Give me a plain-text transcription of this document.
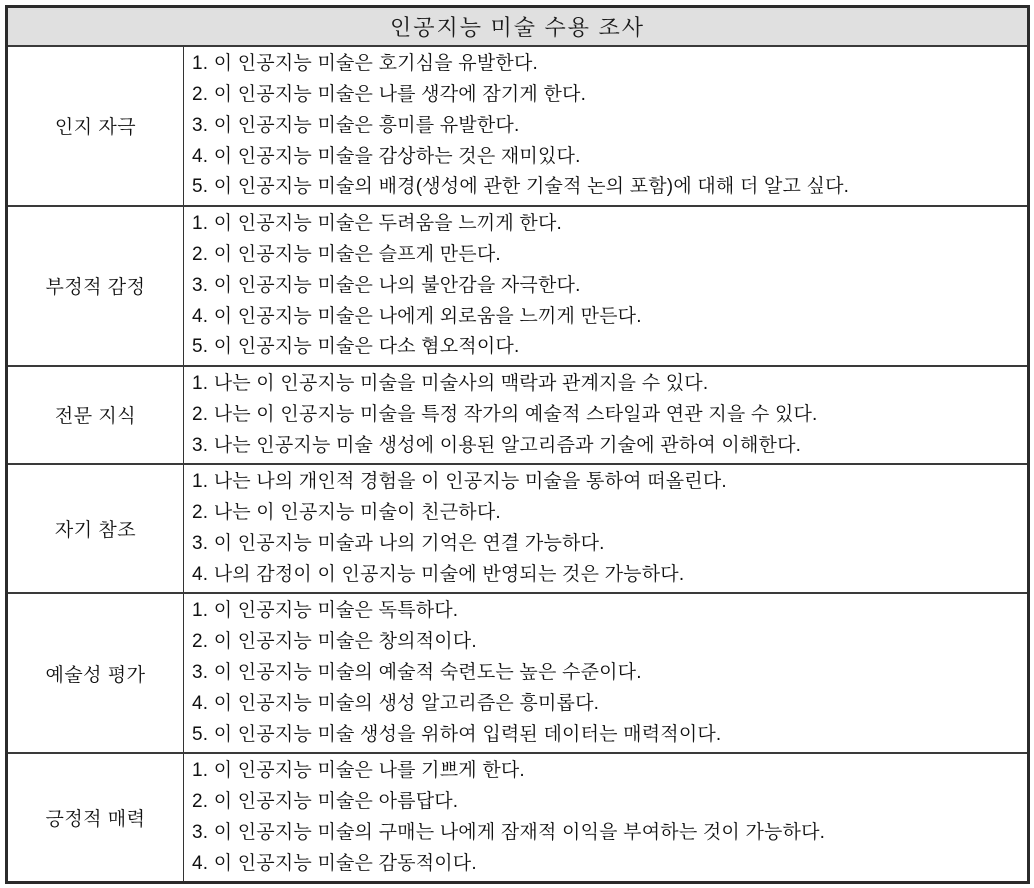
인공지능 미술 수용 조사
인지 자극
1. 이 인공지능 미술은 호기심을 유발한다.
2. 이 인공지능 미술은 나를 생각에 잠기게 한다.
3. 이 인공지능 미술은 흥미를 유발한다.
4. 이 인공지능 미술을 감상하는 것은 재미있다.
5. 이 인공지능 미술의 배경(생성에 관한 기술적 논의 포함)에 대해 더 알고 싶다.
부정적 감정
1. 이 인공지능 미술은 두려움을 느끼게 한다.
2. 이 인공지능 미술은 슬프게 만든다.
3. 이 인공지능 미술은 나의 불안감을 자극한다.
4. 이 인공지능 미술은 나에게 외로움을 느끼게 만든다.
5. 이 인공지능 미술은 다소 혐오적이다.
전문 지식
1. 나는 이 인공지능 미술을 미술사의 맥락과 관계지을 수 있다.
2. 나는 이 인공지능 미술을 특정 작가의 예술적 스타일과 연관 지을 수 있다.
3. 나는 인공지능 미술 생성에 이용된 알고리즘과 기술에 관하여 이해한다.
자기 참조
1. 나는 나의 개인적 경험을 이 인공지능 미술을 통하여 떠올린다.
2. 나는 이 인공지능 미술이 친근하다.
3. 이 인공지능 미술과 나의 기억은 연결 가능하다.
4. 나의 감정이 이 인공지능 미술에 반영되는 것은 가능하다.
예술성 평가
1. 이 인공지능 미술은 독특하다.
2. 이 인공지능 미술은 창의적이다.
3. 이 인공지능 미술의 예술적 숙련도는 높은 수준이다.
4. 이 인공지능 미술의 생성 알고리즘은 흥미롭다.
5. 이 인공지능 미술 생성을 위하여 입력된 데이터는 매력적이다.
긍정적 매력
1. 이 인공지능 미술은 나를 기쁘게 한다.
2. 이 인공지능 미술은 아름답다.
3. 이 인공지능 미술의 구매는 나에게 잠재적 이익을 부여하는 것이 가능하다.
4. 이 인공지능 미술은 감동적이다.
